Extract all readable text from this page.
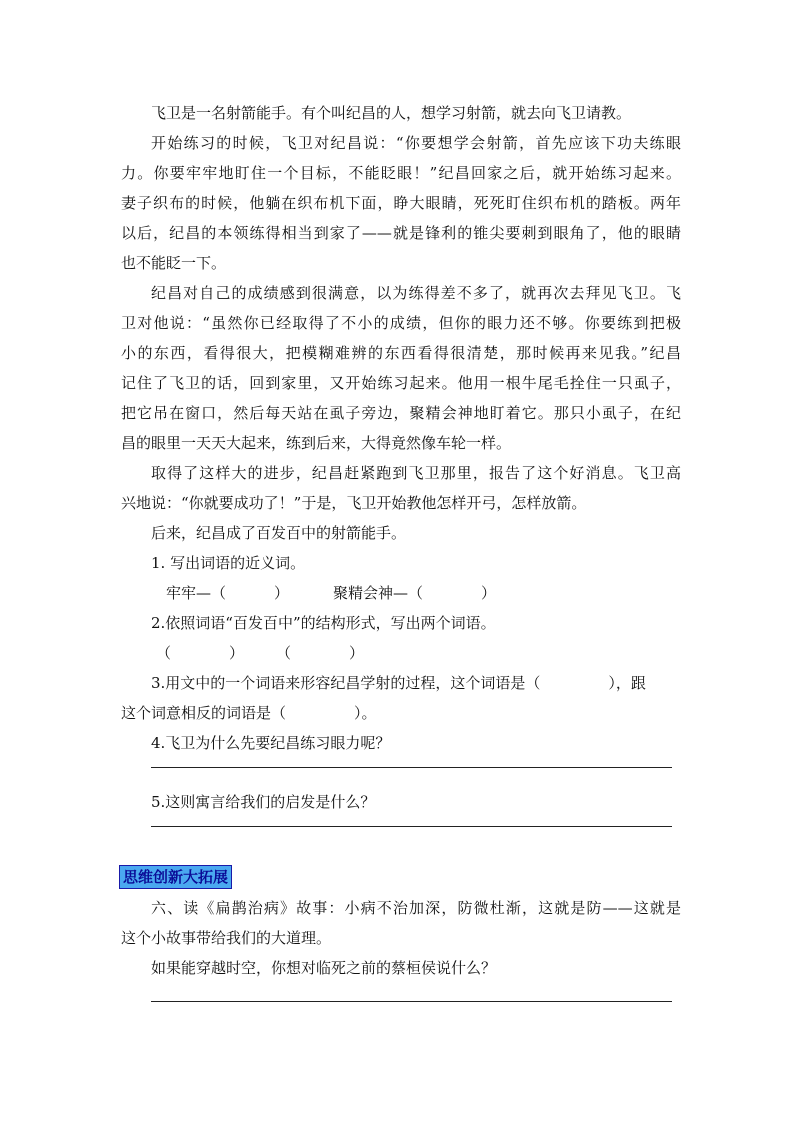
飞卫是一名射箭能手。有个叫纪昌的人，想学习射箭，就去向飞卫请教。
开始练习的时候，飞卫对纪昌说：“你要想学会射箭，首先应该下功夫练眼
力。你要牢牢地盯住一个目标，不能眨眼！”纪昌回家之后，就开始练习起来。
妻子织布的时候，他躺在织布机下面，睁大眼睛，死死盯住织布机的踏板。两年
以后，纪昌的本领练得相当到家了——就是锋利的锥尖要刺到眼角了，他的眼睛
也不能眨一下。
纪昌对自己的成绩感到很满意，以为练得差不多了，就再次去拜见飞卫。飞
卫对他说：“虽然你已经取得了不小的成绩，但你的眼力还不够。你要练到把极
小的东西，看得很大，把模糊难辨的东西看得很清楚，那时候再来见我。”纪昌
记住了飞卫的话，回到家里，又开始练习起来。他用一根牛尾毛拴住一只虱子，
把它吊在窗口，然后每天站在虱子旁边，聚精会神地盯着它。那只小虱子，在纪
昌的眼里一天天大起来，练到后来，大得竟然像车轮一样。
取得了这样大的进步，纪昌赶紧跑到飞卫那里，报告了这个好消息。飞卫高
兴地说：“你就要成功了！”于是，飞卫开始教他怎样开弓，怎样放箭。
后来，纪昌成了百发百中的射箭能手。
1. 写出词语的近义词。
牢牢—（	）	聚精会神—（	）
2.依照词语“百发百中”的结构形式，写出两个词语。
（	） （	）
3.用文中的一个词语来形容纪昌学射的过程，这个词语是（	），跟
这个词意相反的词语是（	）。
4.飞卫为什么先要纪昌练习眼力呢？
5.这则寓言给我们的启发是什么？
思维创新大拓展
六、读《扁鹊治病》故事：小病不治加深，防微杜渐，这就是防——这就是
这个小故事带给我们的大道理。
如果能穿越时空，你想对临死之前的蔡桓侯说什么？
